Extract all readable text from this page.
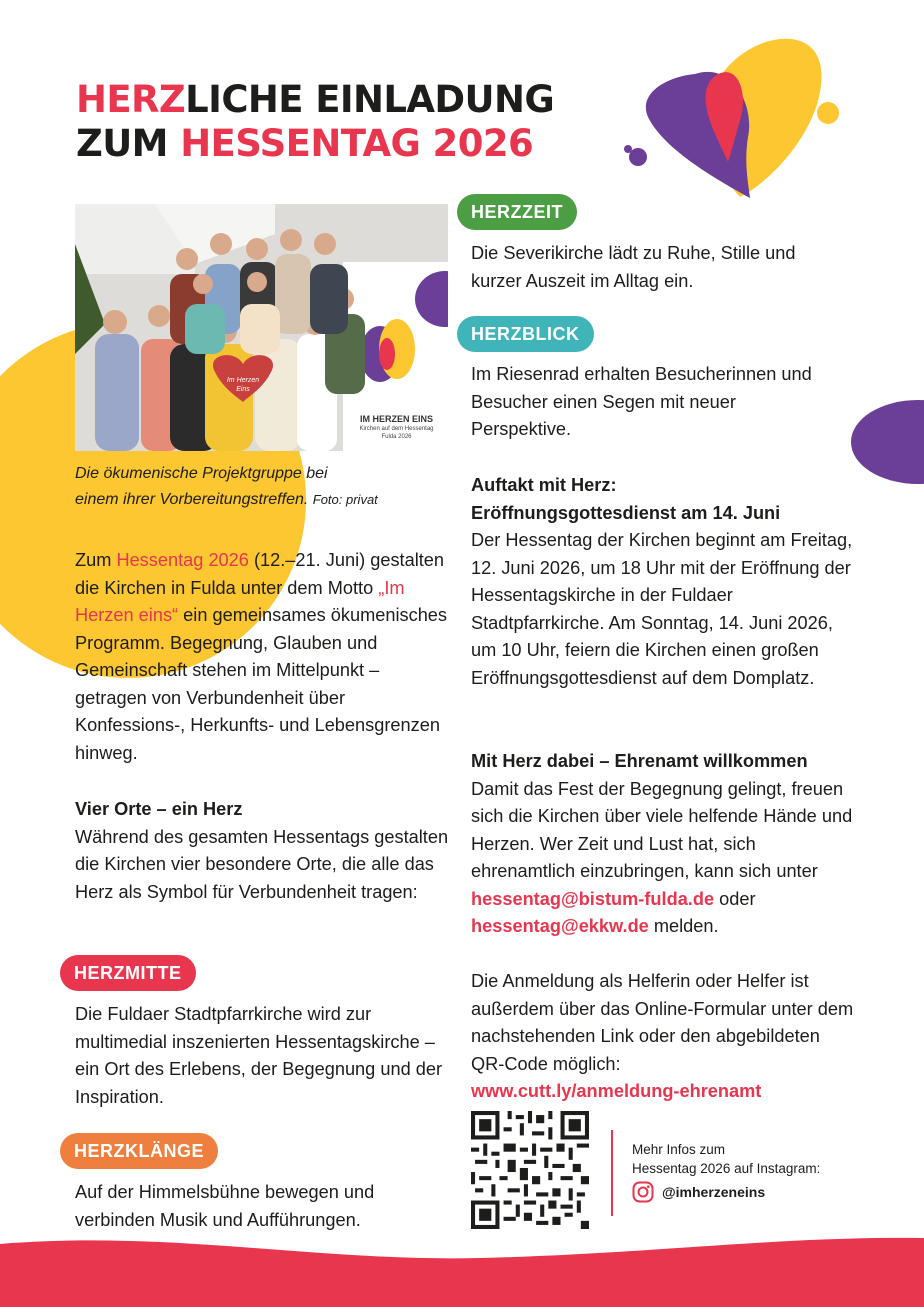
HERZLICHE EINLADUNG
ZUM HESSENTAG 2026
IM HERZEN EINS
Kirchen auf dem Hessentag
Fulda 2026
Im Herzen
Eins
Die ökumenische Projektgruppe bei
einem ihrer Vorbereitungstreffen. Foto: privat

Zum Hessentag 2026 (12.–21. Juni) gestalten die Kirchen in Fulda unter dem Motto „Im Herzen eins“ ein gemeinsames ökumenisches Programm. Begegnung, Glauben und Gemeinschaft stehen im Mittelpunkt – getragen von Verbundenheit über Konfessions-, Herkunfts- und Lebensgrenzen hinweg.

Vier Orte – ein Herz

Während des gesamten Hessentags gestalten die Kirchen vier besondere Orte, die alle das Herz als Symbol für Verbundenheit tragen:

HERZMITTE
Die Fuldaer Stadtpfarrkirche wird zur multimedial inszenierten Hessentagskirche – ein Ort des Erlebens, der Begegnung und der Inspiration.
HERZKLÄNGE
Auf der Himmelsbühne bewegen und verbinden Musik und Aufführungen.
HERZZEIT
Die Severikirche lädt zu Ruhe, Stille und kurzer Auszeit im Alltag ein.
HERZBLICK
Im Riesenrad erhalten Besucherinnen und Besucher einen Segen mit neuer Perspektive.

Auftakt mit Herz:

Eröffnungsgottesdienst am 14. Juni

Der Hessentag der Kirchen beginnt am Freitag, 12. Juni 2026, um 18 Uhr mit der Eröffnung der Hessentagskirche in der Fuldaer Stadtpfarrkirche. Am Sonntag, 14. Juni 2026, um 10 Uhr, feiern die Kirchen einen großen Eröffnungsgottesdienst auf dem Domplatz.

Mit Herz dabei – Ehrenamt willkommen

Damit das Fest der Begegnung gelingt, freuen sich die Kirchen über viele helfende Hände und Herzen. Wer Zeit und Lust hat, sich ehrenamtlich einzubringen, kann sich unter hessentag@bistum-fulda.de oder hessentag@ekkw.de melden.

Die Anmeldung als Helferin oder Helfer ist außerdem über das Online-Formular unter dem nachstehenden Link oder den abgebildeten QR-Code möglich:

www.cutt.ly/anmeldung-ehrenamt

Mehr Infos zum
Hessentag 2026 auf Instagram:
@imherzeneins
